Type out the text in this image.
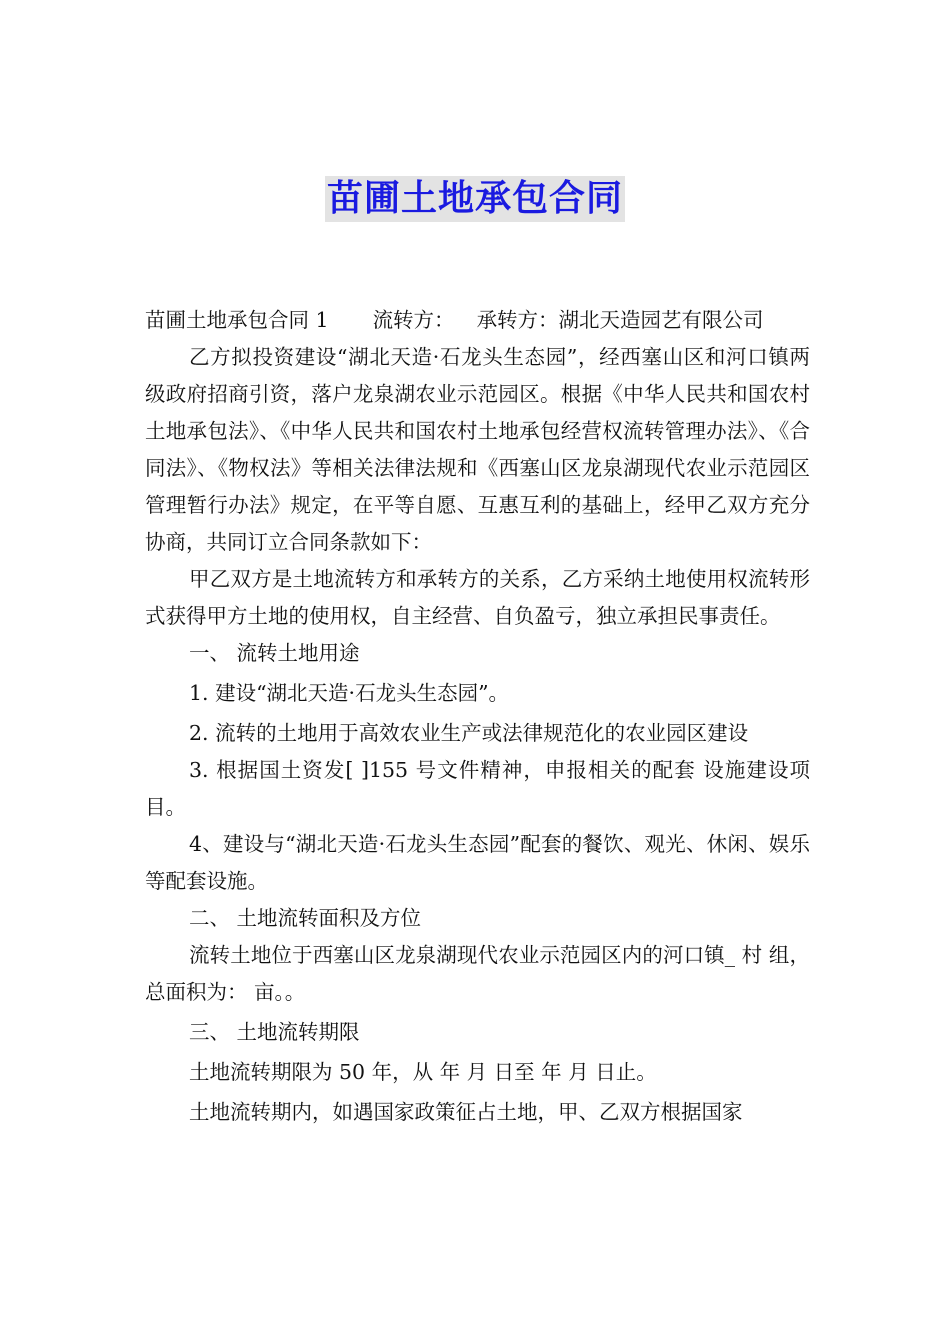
苗圃土地承包合同

苗圃土地承包合同 1 流转方： 承转方：湖北天造园艺有限公司

乙方拟投资建设“湖北天造·石龙头生态园”，经西塞山区和河口镇两级政府招商引资，落户龙泉湖农业示范园区。根据《中华人民共和国农村土地承包法》、《中华人民共和国农村土地承包经营权流转管理办法》、《合同法》、《物权法》等相关法律法规和《西塞山区龙泉湖现代农业示范园区管理暂行办法》规定，在平等自愿、互惠互利的基础上，经甲乙双方充分协商，共同订立合同条款如下：

甲乙双方是土地流转方和承转方的关系，乙方采纳土地使用权流转形式获得甲方土地的使用权，自主经营、自负盈亏，独立承担民事责任。

一、 流转土地用途

1. 建设“湖北天造·石龙头生态园”。

2. 流转的土地用于高效农业生产或法律规范化的农业园区建设

3. 根据国土资发[ ]155 号文件精神，申报相关的配套 设施建设项目。

4、建设与“湖北天造·石龙头生态园”配套的餐饮、观光、休闲、娱乐等配套设施。

二、 土地流转面积及方位

流转土地位于西塞山区龙泉湖现代农业示范园区内的河口镇_ 村 组，总面积为： 亩。。

三、 土地流转期限

土地流转期限为 50 年，从 年 月 日至 年 月 日止。

土地流转期内，如遇国家政策征占土地，甲、乙双方根据国家
